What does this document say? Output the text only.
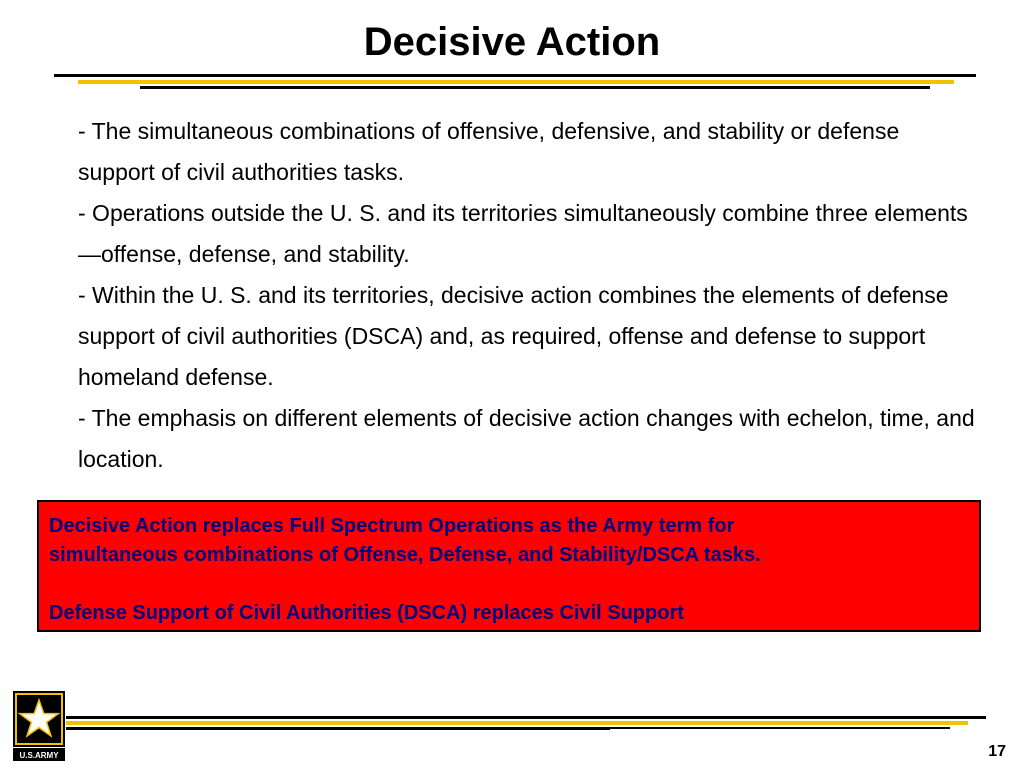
Decisive Action
- The simultaneous combinations of offensive, defensive, and stability or defense support of civil authorities tasks.
- Operations outside the U. S. and its territories simultaneously combine three elements—offense, defense, and stability.
- Within the U. S. and its territories, decisive action combines the elements of defense support of civil authorities (DSCA) and, as required, offense and defense to support homeland defense.
- The emphasis on different elements of decisive action changes with echelon, time, and location.
Decisive Action replaces Full Spectrum Operations as the Army term for
simultaneous combinations of Offense, Defense, and Stability/DSCA tasks.
Defense Support of Civil Authorities (DSCA) replaces Civil Support
U.S.ARMY	17
